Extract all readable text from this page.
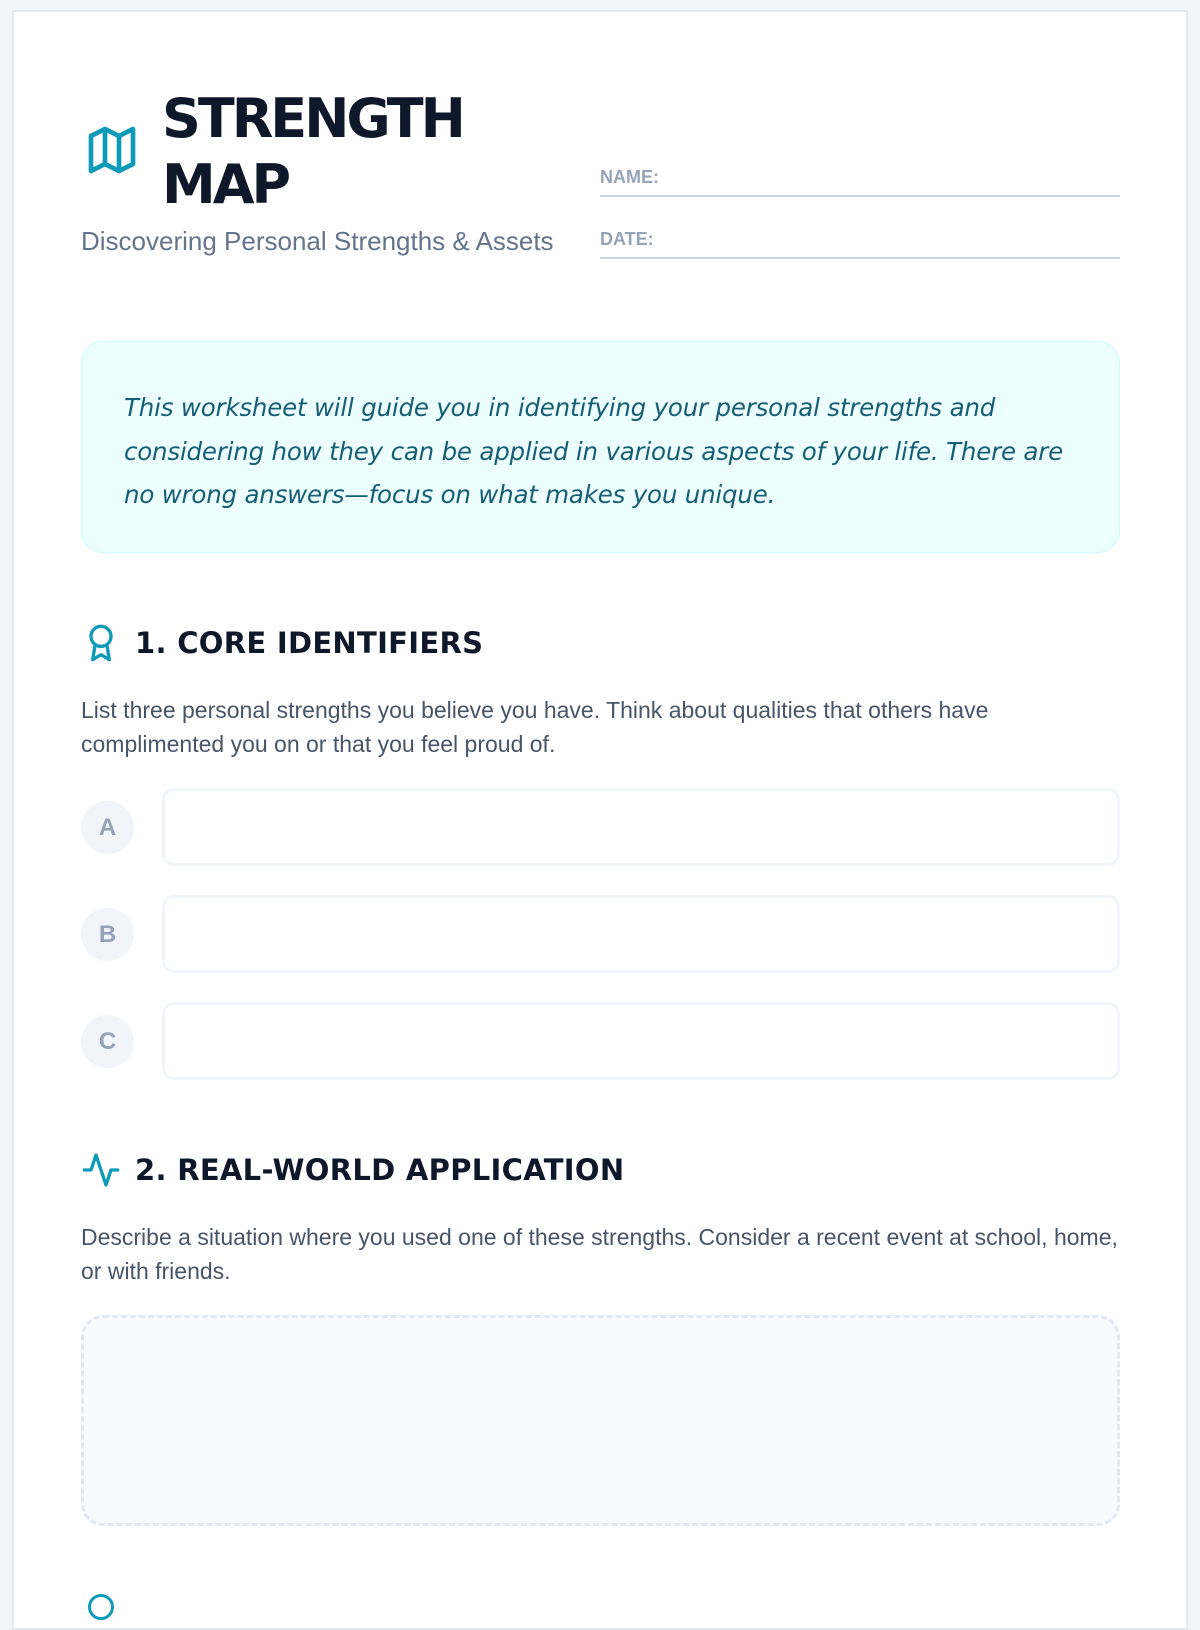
STRENGTH
MAP
Discovering Personal Strengths & Assets
NAME:
DATE:

This worksheet will guide you in identifying your personal strengths and considering how they can be applied in various aspects of your life. There are no wrong answers—focus on what makes you unique.

1. CORE IDENTIFIERS

List three personal strengths you believe you have. Think about qualities that others have complimented you on or that you feel proud of.

A
B
C
2. REAL-WORLD APPLICATION

Describe a situation where you used one of these strengths. Consider a recent event at school, home, or with friends.
